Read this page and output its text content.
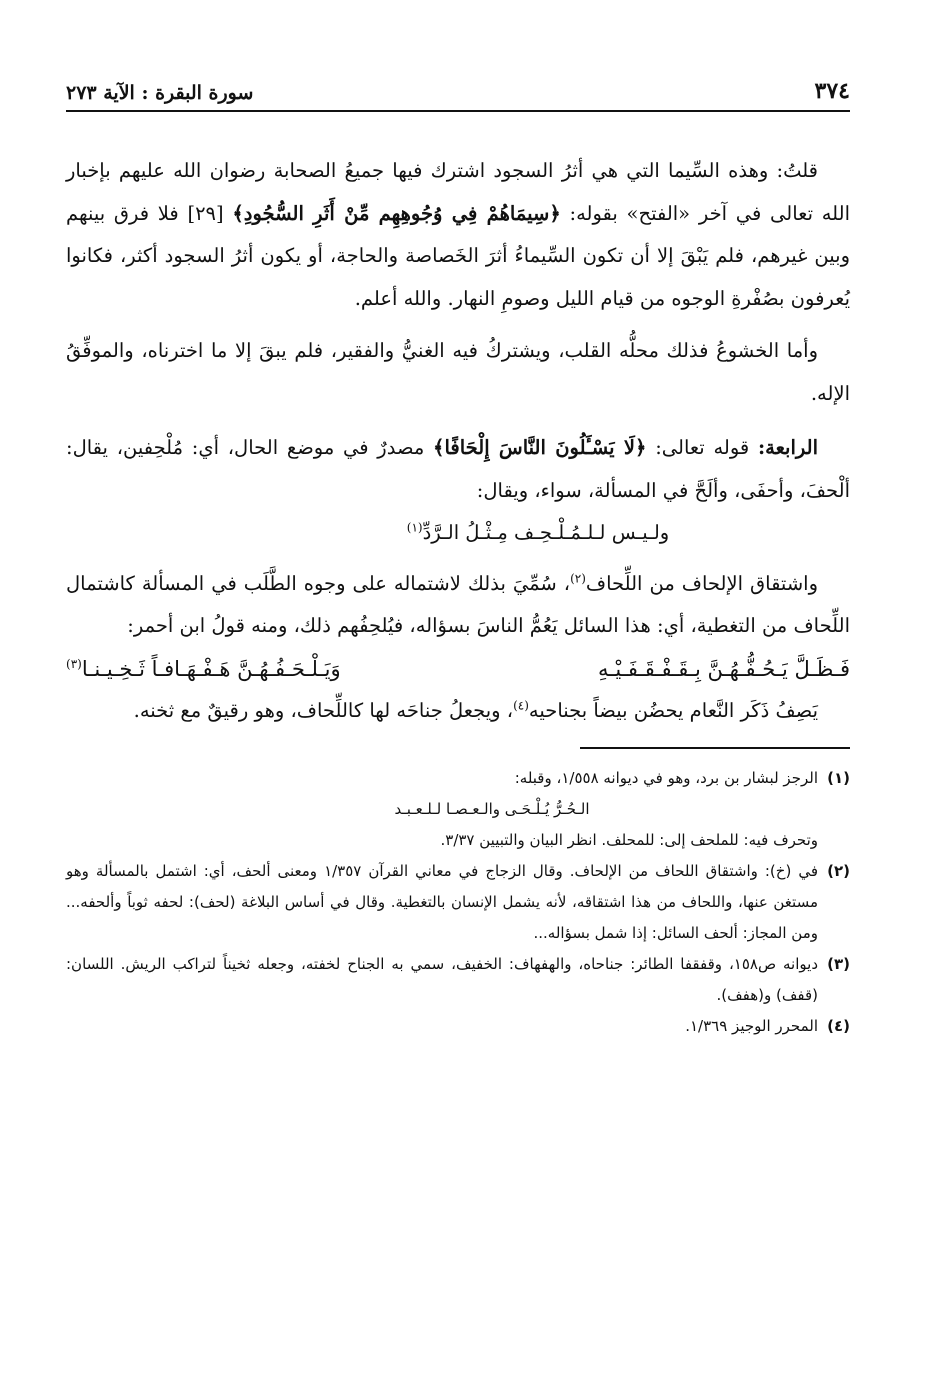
٣٧٤
سورة البقرة : الآية ٢٧٣

قلتُ: وهذه السِّيما التي هي أثرُ السجود اشترك فيها جميعُ الصحابة رضوان الله عليهم بإخبار الله تعالى في آخر «الفتح» بقوله: ﴿سِيمَاهُمْ فِي وُجُوهِهِم مِّنْ أَثَرِ السُّجُودِ﴾ [٢٩] فلا فرق بينهم وبين غيرهم، فلم يَبْقَ إلا أن تكون السِّيماءُ أثرَ الخَصاصة والحاجة، أو يكون أثرُ السجود أكثر، فكانوا يُعرفون بصُفْرةِ الوجوه من قيام الليل وصومِ النهار. والله أعلم.

وأما الخشوعُ فذلك محلُّه القلب، ويشتركُ فيه الغنيُّ والفقير، فلم يبقَ إلا ما اخترناه، والموفِّقُ الإله.

الرابعة: قوله تعالى: ﴿لَا يَسْـَٔلُونَ النَّاسَ إِلْحَافًا﴾ مصدرٌ في موضع الحال، أي: مُلْحِفين، يقال: ألْحفَ، وأحفَى، وألَحَّ في المسألة، سواء، ويقال:

ولـيـس لـلـمُـلْـحِـف مِـثْـلُ الـرَّدِّ$^{(١)}$

واشتقاق الإلحاف من اللِّحاف$^{(٢)}$، سُمِّيَ بذلك لاشتماله على وجوه الطَّلَب في المسألة كاشتمال اللِّحاف من التغطية، أي: هذا السائل يَعُمُّ الناسَ بسؤاله، فيُلحِفُهم ذلك، ومنه قولُ ابن أحمر:

فَـظَـلَّ يَـحُـفُّـهُـنَّ بِـقَـفْـقَـفَـيْـهِ
وَيَـلْـحَـفُـهُـنَّ هَـفْـهَـافـاً ثَـخِـيـنـا$^{(٣)}$

يَصِفُ ذَكَر النَّعام يحضُن بيضاً بجناحيه$^{(٤)}$، ويجعلُ جناحَه لها كاللِّحاف، وهو رقيقٌ مع ثخنه.

(١)
الرجز لبشار بن برد، وهو في ديوانه ١/٥٥٨، وقبله:
الـحُـرُّ يُـلْـحَـى والـعـصـا لـلـعـبـد
وتحرف فيه: للملحف إلى: للمحلف. انظر البيان والتبيين ٣/٣٧.
(٢)
في (خ): واشتقاق اللحاف من الإلحاف. وقال الزجاج في معاني القرآن ١/٣٥٧ ومعنى ألحف، أي: اشتمل بالمسألة وهو مستغن عنها، واللحاف من هذا اشتقاقه، لأنه يشمل الإنسان بالتغطية. وقال في أساس البلاغة (لحف): لحفه ثوباً وألحفه... ومن المجاز: ألحف السائل: إذا شمل بسؤاله...
(٣)
ديوانه ص١٥٨، وقفقفا الطائر: جناحاه، والهفهاف: الخفيف، سمي به الجناح لخفته، وجعله ثخيناً لتراكب الريش. اللسان: (قفف) و(هفف).
(٤)
المحرر الوجيز ١/٣٦٩.
